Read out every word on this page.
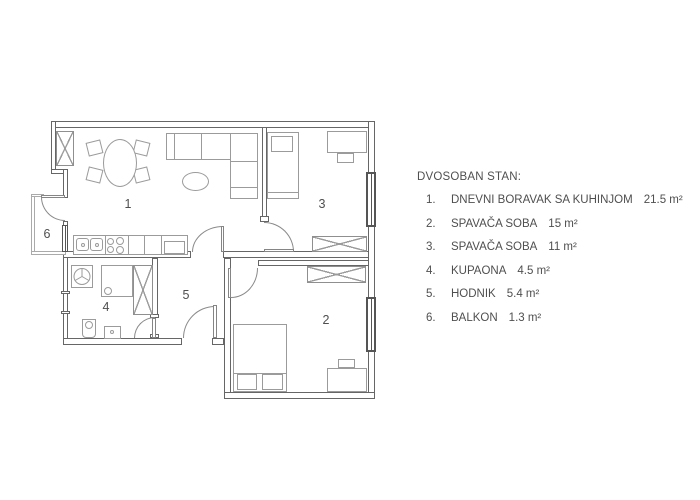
1
2
3
4
5
6
DVOSOBAN STAN:
1.	DNEVNI BORAVAK SA KUHINJOM 21.5 m²
2.	SPAVAČA SOBA 15 m²
3.	SPAVAČA SOBA 11 m²
4.	KUPAONA 4.5 m²
5.	HODNIK 5.4 m²
6.	BALKON 1.3 m²
